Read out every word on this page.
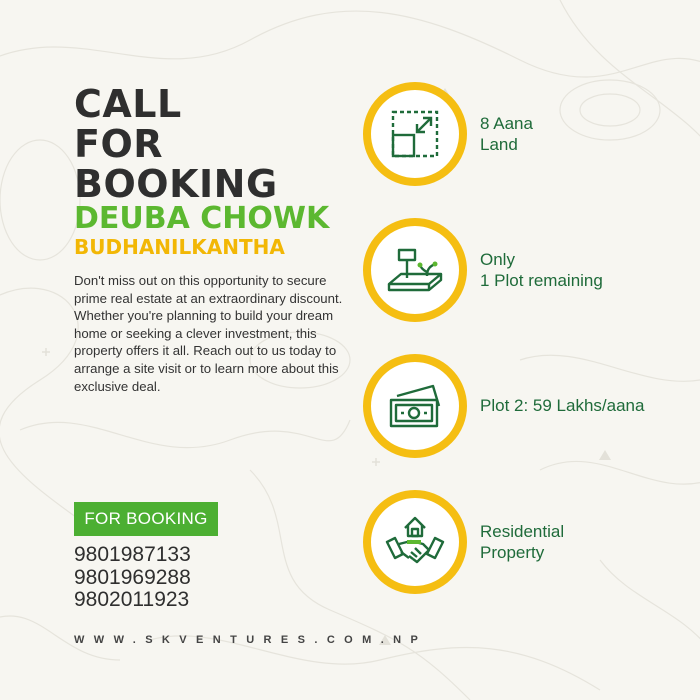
CALL
FOR
BOOKING
DEUBA CHOWK
BUDHANILKANTHA
Don't miss out on this opportunity to secure prime real estate at an extraordinary discount. Whether you're planning to build your dream home or seeking a clever investment, this property offers it all. Reach out to us today to arrange a site visit or to learn more about this exclusive deal.
FOR BOOKING
9801987133
9801969288
9802011923
WWW.SKVENTURES.COM.NP
8 Aana
Land
Only
1 Plot remaining
Plot 2: 59 Lakhs/aana
Residential
Property
